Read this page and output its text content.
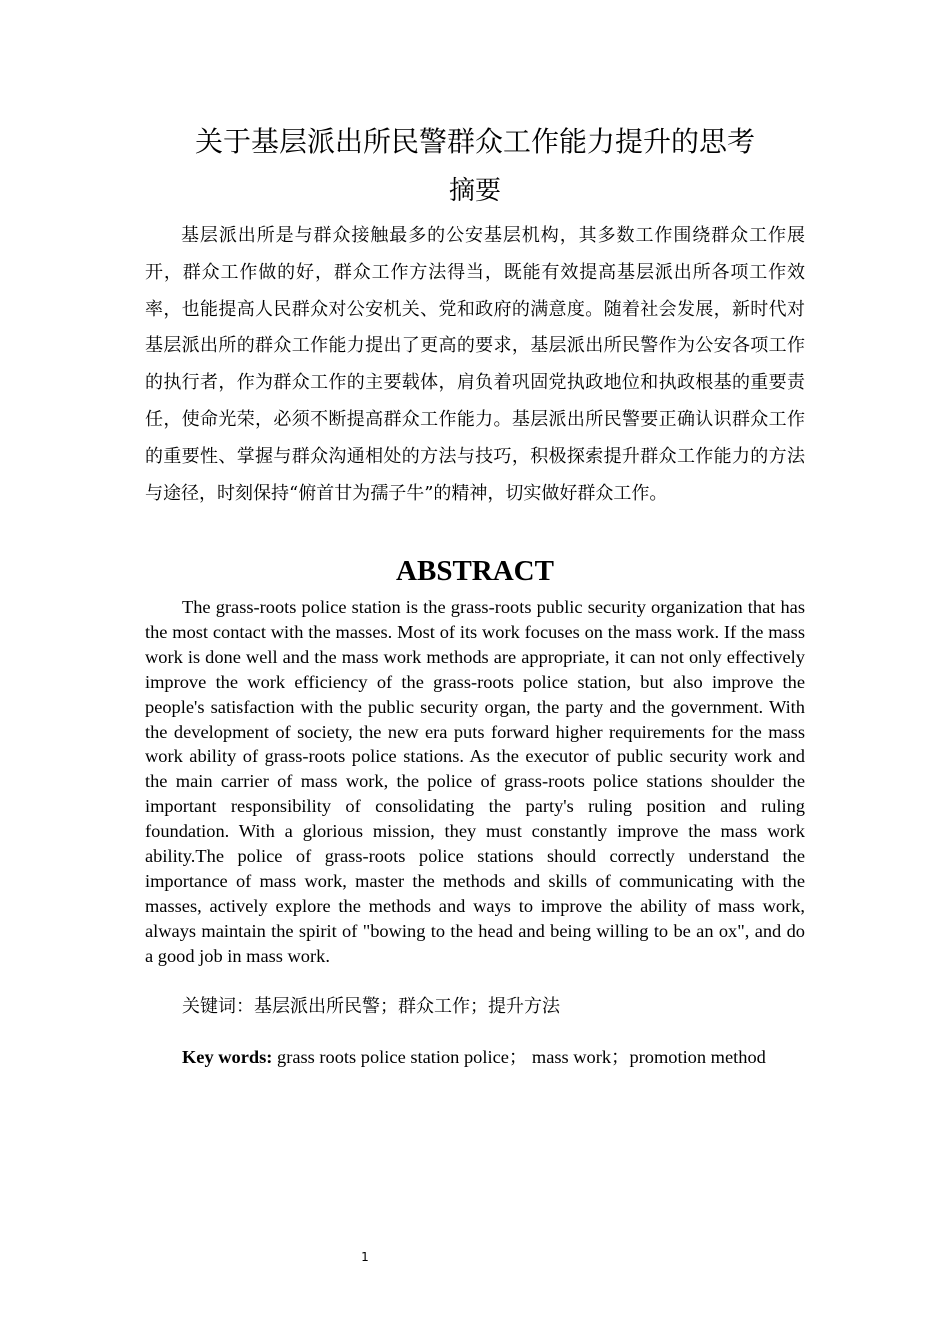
关于基层派出所民警群众工作能力提升的思考
摘要

基层派出所是与群众接触最多的公安基层机构，其多数工作围绕群众工作展开，群众工作做的好，群众工作方法得当，既能有效提高基层派出所各项工作效率，也能提高人民群众对公安机关、党和政府的满意度。随着社会发展，新时代对基层派出所的群众工作能力提出了更高的要求，基层派出所民警作为公安各项工作的执行者，作为群众工作的主要载体，肩负着巩固党执政地位和执政根基的重要责任，使命光荣，必须不断提高群众工作能力。基层派出所民警要正确认识群众工作的重要性、掌握与群众沟通相处的方法与技巧，积极探索提升群众工作能力的方法与途径，时刻保持“俯首甘为孺子牛”的精神，切实做好群众工作。

ABSTRACT

The grass-roots police station is the grass-roots public security organization that has the most contact with the masses. Most of its work focuses on the mass work. If the mass work is done well and the mass work methods are appropriate, it can not only effectively improve the work efficiency of the grass-roots police station, but also improve the people's satisfaction with the public security organ, the party and the government. With the development of society, the new era puts forward higher requirements for the mass work ability of grass-roots police stations. As the executor of public security work and the main carrier of mass work, the police of grass-roots police stations shoulder the important responsibility of consolidating the party's ruling position and ruling foundation. With a glorious mission, they must constantly improve the mass work ability.The police of grass-roots police stations should correctly understand the importance of mass work, master the methods and skills of communicating with the masses, actively explore the methods and ways to improve the ability of mass work, always maintain the spirit of "bowing to the head and being willing to be an ox", and do a good job in mass work.

关键词：基层派出所民警；群众工作；提升方法

Key words: grass roots police station police； mass work；promotion method

1
